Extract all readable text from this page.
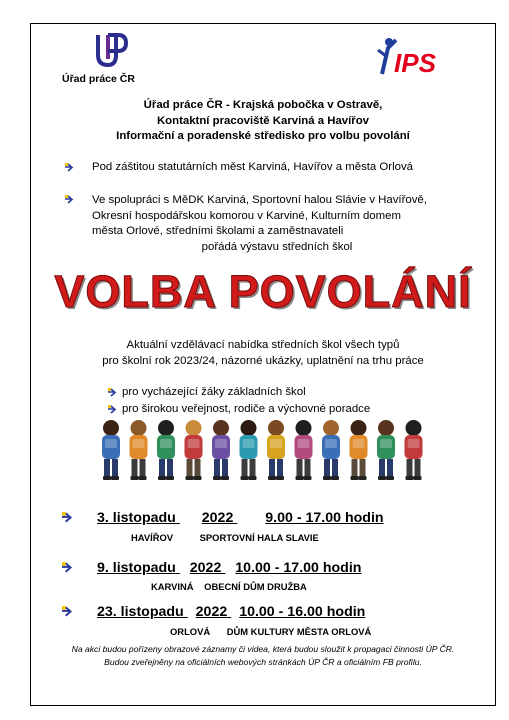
Úřad práce ČR
IPS
Úřad práce ČR - Krajská pobočka v Ostravě,
Kontaktní pracoviště Karviná a Havířov
Informační a poradenské středisko pro volbu povolání
Pod záštitou statutárních měst Karviná, Havířov a města Orlová
Ve spolupráci s MěDK Karviná, Sportovní halou Slávie v Havířově,
Okresní hospodářskou komorou v Karviné, Kulturním domem
města Orlové, středními školami a zaměstnavateli
pořádá výstavu středních škol
VOLBA POVOLÁNÍ
Aktuální vzdělávací nabídka středních škol všech typů
pro školní rok 2023/24, názorné ukázky, uplatnění na trhu práce
pro vycházející žáky základních škol
pro širokou veřejnost, rodiče a výchovné poradce
3. listopadu 2022 9.00 - 17.00 hodin
HAVÍŘOV	SPORTOVNÍ HALA SLAVIE
9. listopadu 2022 10.00 - 17.00 hodin
KARVINÁ OBECNÍ DŮM DRUŽBA
23. listopadu 2022 10.00 - 16.00 hodin
ORLOVÁ DŮM KULTURY MĚSTA ORLOVÁ
Na akci budou pořízeny obrazové záznamy či videa, která budou sloužit k propagaci činnosti ÚP ČR.
Budou zveřejněny na oficiálních webových stránkách ÚP ČR a oficiálním FB profilu.
